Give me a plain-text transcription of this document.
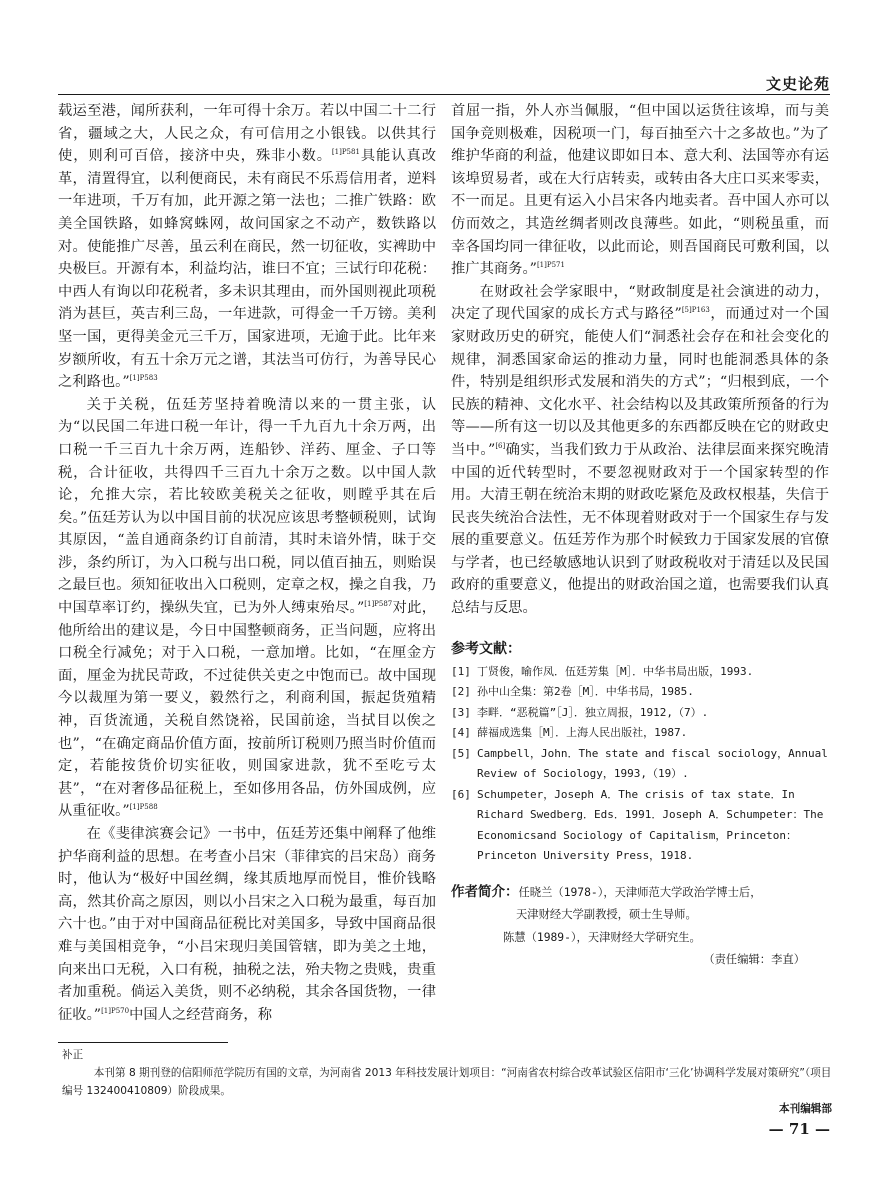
文史论苑

载运至港，闻所获利，一年可得十余万。若以中国二十二行省，疆域之大，人民之众，有可信用之小银钱。以供其行使，则利可百倍，接济中央，殊非小数。$^{[1]P581}$具能认真改革，清置得宜，以利便商民，未有商民不乐焉信用者，逆料一年进项，千万有加，此开源之第一法也；二推广铁路：欧美全国铁路，如蜂窝蛛网，故问国家之不动产，数铁路以对。使能推广尽善，虽云利在商民，然一切征收，实裨助中央极巨。开源有本，利益均沾，谁曰不宜；三试行印花税：中西人有询以印花税者，多未识其理由，而外国则视此项税消为甚巨，英吉利三岛，一年进款，可得金一千万镑。美利坚一国，更得美金元三千万，国家进项，无逾于此。比年来岁额所收，有五十余万元之谱，其法当可仿行，为善导民心之利路也。”$^{[1]P583}$

关于关税，伍廷芳坚持着晚清以来的一贯主张，认为“以民国二年进口税一年计，得一千九百九十余万两，出口税一千三百九十余万两，连船钞、洋药、厘金、子口等税，合计征收，共得四千三百九十余万之数。以中国人款论，允推大宗，若比较欧美税关之征收，则瞠乎其在后矣。”伍廷芳认为以中国目前的状况应该思考整顿税则，试询其原因，“盖自通商条约订自前清，其时未谙外情，昧于交涉，条约所订，为入口税与出口税，同以值百抽五，则贻误之最巨也。须知征收出入口税则，定章之权，操之自我，乃中国草率订约，操纵失宜，已为外人缚束殆尽。”$^{[1]P587}$对此，他所给出的建议是，今日中国整顿商务，正当问题，应将出口税全行减免；对于入口税，一意加增。比如，“在厘金方面，厘金为扰民苛政，不过徒供关吏之中饱而已。故中国现今以裁厘为第一要义，毅然行之，利商利国，振起货殖精神，百货流通，关税自然饶裕，民国前途，当拭目以俟之也”，“在确定商品价值方面，按前所订税则乃照当时价值而定，若能按货价切实征收，则国家进款，犹不至吃亏太甚”，“在对奢侈品征税上，至如侈用各品，仿外国成例，应从重征收。”$^{[1]P588}$

在《斐律滨赛会记》一书中，伍廷芳还集中阐释了他维护华商利益的思想。在考查小吕宋（菲律宾的吕宋岛）商务时，他认为“极好中国丝绸，缘其质地厚而悦目，惟价钱略高，然其价高之原因，则以小吕宋之入口税为最重，每百加六十也。”由于对中国商品征税比对美国多，导致中国商品很难与美国相竞争，“小吕宋现归美国管辖，即为美之土地，向来出口无税，入口有税，抽税之法，殆夫物之贵贱，贵重者加重税。倘运入美货，则不必纳税，其余各国货物，一律征收。”$^{[1]P570}$中国人之经营商务，称

首屈一指，外人亦当佩服，“但中国以运货往该埠，而与美国争竞则极难，因税项一门，每百抽至六十之多故也。”为了维护华商的利益，他建议即如日本、意大利、法国等亦有运该埠贸易者，或在大行店转卖，或转由各大庄口买来零卖，不一而足。且更有运入小吕宋各内地卖者。吾中国人亦可以仿而效之，其造丝绸者则改良薄些。如此，“则税虽重，而幸各国均同一律征收，以此而论，则吾国商民可敷利国，以推广其商务。”$^{[1]P571}$

在财政社会学家眼中，“财政制度是社会演进的动力，决定了现代国家的成长方式与路径”$^{[5]P163}$，而通过对一个国家财政历史的研究，能使人们“洞悉社会存在和社会变化的规律，洞悉国家命运的推动力量，同时也能洞悉具体的条件，特别是组织形式发展和消失的方式”；“归根到底，一个民族的精神、文化水平、社会结构以及其政策所预备的行为等——所有这一切以及其他更多的东西都反映在它的财政史当中。”[6]确实，当我们致力于从政治、法律层面来探究晚清中国的近代转型时，不要忽视财政对于一个国家转型的作用。大清王朝在统治末期的财政吃紧危及政权根基，失信于民丧失统治合法性，无不体现着财政对于一个国家生存与发展的重要意义。伍廷芳作为那个时候致力于国家发展的官僚与学者，也已经敏感地认识到了财政税收对于清廷以及民国政府的重要意义，他提出的财政治国之道，也需要我们认真总结与反思。

参考文献：
[1] 丁贤俊，喻作凤．伍廷芳集［M］．中华书局出版，1993.
[2] 孙中山全集：第2卷［M］．中华书局，1985.
[3] 李畔．“恶税篇”［J］．独立周报，1912,（7）.
[4] 薛福成选集［M］．上海人民出版社，1987.
[5] Campbell，John．The state and fiscal sociology，Annual Review of Sociology，1993,（19）.
[6] Schumpeter，Joseph A．The crisis of tax state．In Richard Swedberg．Eds．1991．Joseph A．Schumpeter：The Economicsand Sociology of Capitalism，Princeton：Princeton University Press，1918.
作者简介：任晓兰（1978-），天津师范大学政治学博士后，
天津财经大学副教授，硕士生导师。
陈慧（1989-），天津财经大学研究生。
（责任编辑：李直）
补正
本刊第 8 期刊登的信阳师范学院历有国的文章，为河南省 2013 年科技发展计划项目：“河南省农村综合改革试验区信阳市‘三化’协调科学发展对策研究”（项目编号 132400410809）阶段成果。
本刊编辑部
— 71 —
